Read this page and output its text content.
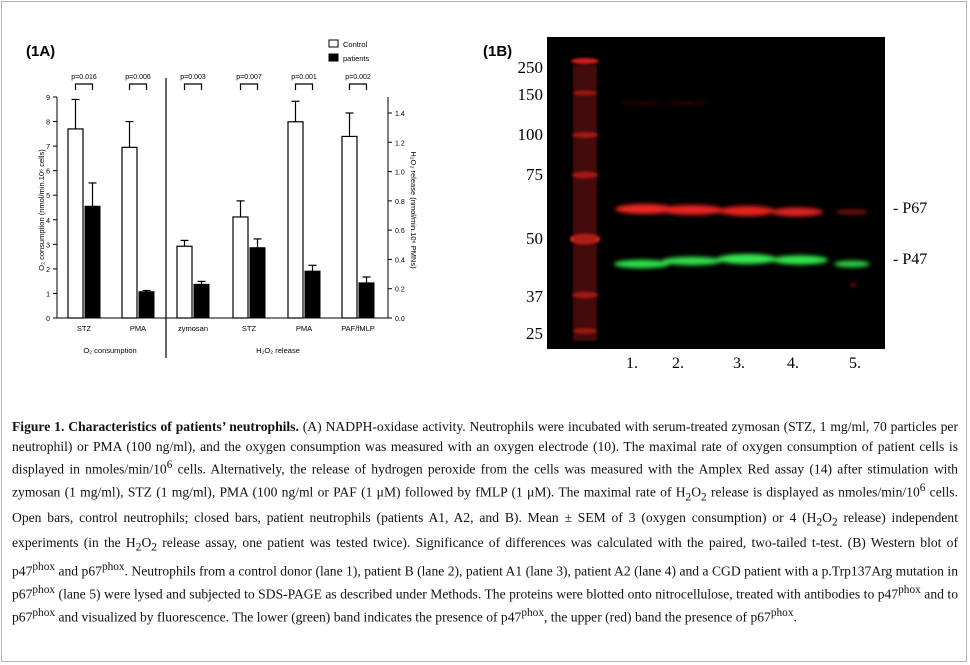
(1A)
0
1
2
3
4
5
6
7
8
9
0.0
0.2
0.4
0.6
0.8
1.0
1.2
1.4
O₂ consumption (nmol/min.10⁶ cells)	H₂O₂ release (nmol/min.10⁶ PMNs)
Control
patients
STZ
p=0.016
PMA
p=0.006
zymosan
p=0.003
STZ
p=0.007
PMA
p=0.001
PAF/fMLP
p=0.002
O₂ consumption	H₂O₂ release
(1B)
250
150
100
75
50
37
25
1. 2.	3.	4.	5.
- P67
- P47
Figure 1. Characteristics of patients’ neutrophils. (A) NADPH-oxidase activity. Neutrophils were incubated with serum-treated zymosan (STZ, 1 mg/ml, 70 particles per neutrophil) or PMA (100 ng/ml), and the oxygen consumption was measured with an oxygen electrode (10). The maximal rate of oxygen consumption of patient cells is displayed in nmoles/$\min/10^6$ cells. Alternatively, the release of hydrogen peroxide from the cells was measured with the Amplex Red assay (14) after stimulation with zymosan (1 mg/ml), STZ (1 mg/ml), PMA (100 ng/ml or PAF (1 μM) followed by fMLP (1 μM). The maximal rate of $H_2O_2$ release is displayed as nmoles/$\min/10^6$ cells. Open bars, control neutrophils; closed bars, patient neutrophils (patients A1, A2, and B). Mean ± SEM of 3 (oxygen consumption) or 4 ($H_2O_2$ release) independent experiments (in the $H_2O_2$ release assay, one patient was tested twice). Significance of differences was calculated with the paired, two-tailed t-test. (B) Western blot of $p47^{phox}$ and $p67^{phox}$. Neutrophils from a control donor (lane 1), patient B (lane 2), patient A1 (lane 3), patient A2 (lane 4) and a CGD patient with a p.Trp137Arg mutation in $p67^{phox}$ (lane 5) were lysed and subjected to SDS-PAGE as described under Methods. The proteins were blotted onto nitrocellulose, treated with antibodies to $p47^{phox}$ and to $p67^{phox}$ and visualized by fluorescence. The lower (green) band indicates the presence of $p47^{phox}$, the upper (red) band the presence of $p67^{phox}$.
